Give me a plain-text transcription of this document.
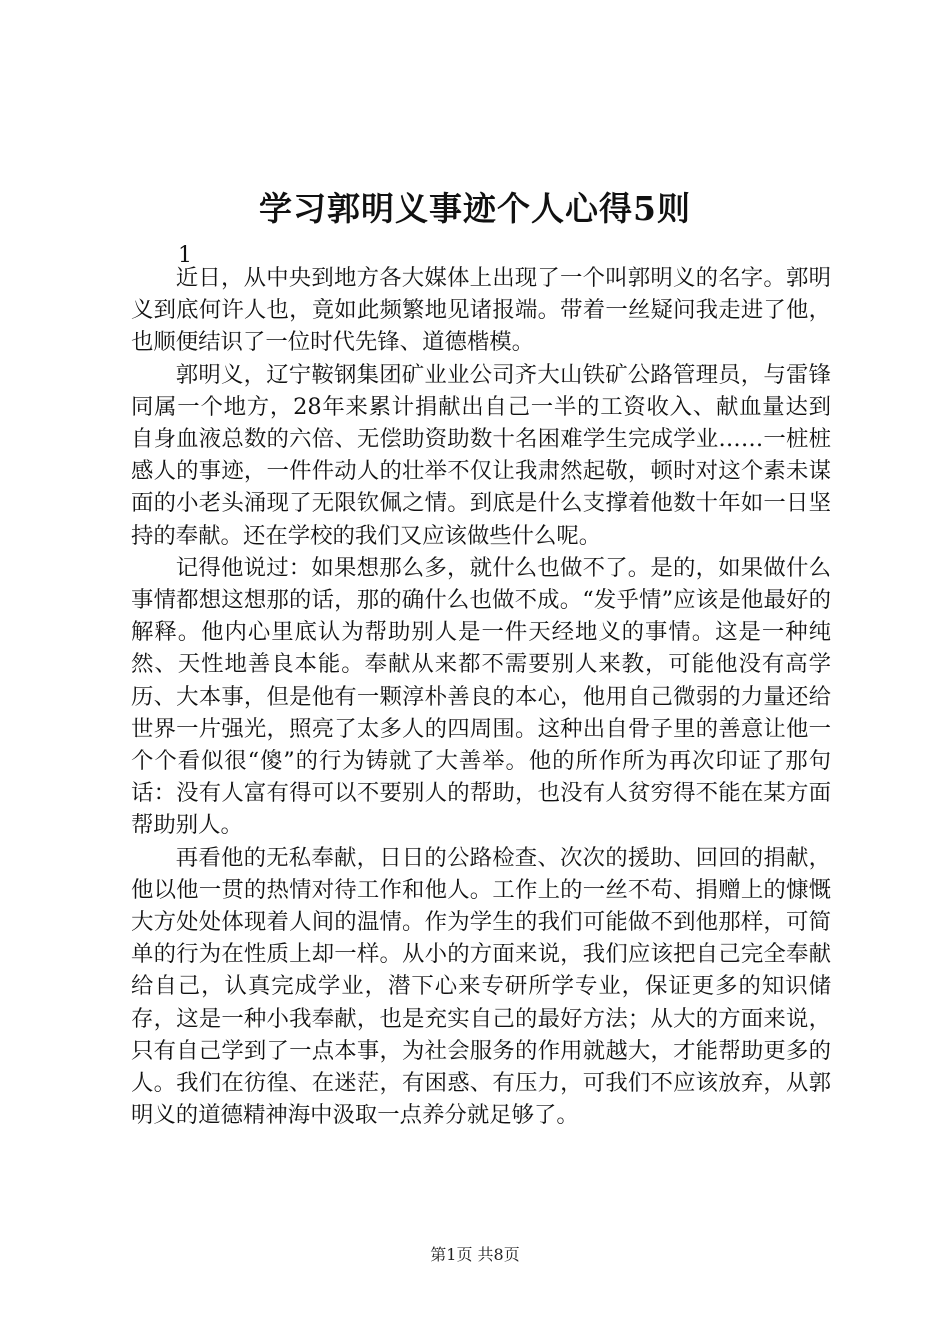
学习郭明义事迹个人心得5则
1

近日，从中央到地方各大媒体上出现了一个叫郭明义的名字。郭明义到底何许人也，竟如此频繁地见诸报端。带着一丝疑问我走进了他，也顺便结识了一位时代先锋、道德楷模。

郭明义，辽宁鞍钢集团矿业业公司齐大山铁矿公路管理员，与雷锋同属一个地方，28年来累计捐献出自己一半的工资收入、献血量达到自身血液总数的六倍、无偿助资助数十名困难学生完成学业……一桩桩感人的事迹，一件件动人的壮举不仅让我肃然起敬，顿时对这个素未谋面的小老头涌现了无限钦佩之情。到底是什么支撑着他数十年如一日坚持的奉献。还在学校的我们又应该做些什么呢。

记得他说过：如果想那么多，就什么也做不了。是的，如果做什么事情都想这想那的话，那的确什么也做不成。“发乎情”应该是他最好的解释。他内心里底认为帮助别人是一件天经地义的事情。这是一种纯然、天性地善良本能。奉献从来都不需要别人来教，可能他没有高学历、大本事，但是他有一颗淳朴善良的本心，他用自己微弱的力量还给世界一片强光，照亮了太多人的四周围。这种出自骨子里的善意让他一个个看似很“傻”的行为铸就了大善举。他的所作所为再次印证了那句话：没有人富有得可以不要别人的帮助，也没有人贫穷得不能在某方面帮助别人。

再看他的无私奉献，日日的公路检查、次次的援助、回回的捐献，他以他一贯的热情对待工作和他人。工作上的一丝不苟、捐赠上的慷慨大方处处体现着人间的温情。作为学生的我们可能做不到他那样，可简单的行为在性质上却一样。从小的方面来说，我们应该把自己完全奉献给自己，认真完成学业，潜下心来专研所学专业，保证更多的知识储存，这是一种小我奉献，也是充实自己的最好方法；从大的方面来说，只有自己学到了一点本事，为社会服务的作用就越大，才能帮助更多的人。我们在彷徨、在迷茫，有困惑、有压力，可我们不应该放弃，从郭明义的道德精神海中汲取一点养分就足够了。

第1页 共8页
